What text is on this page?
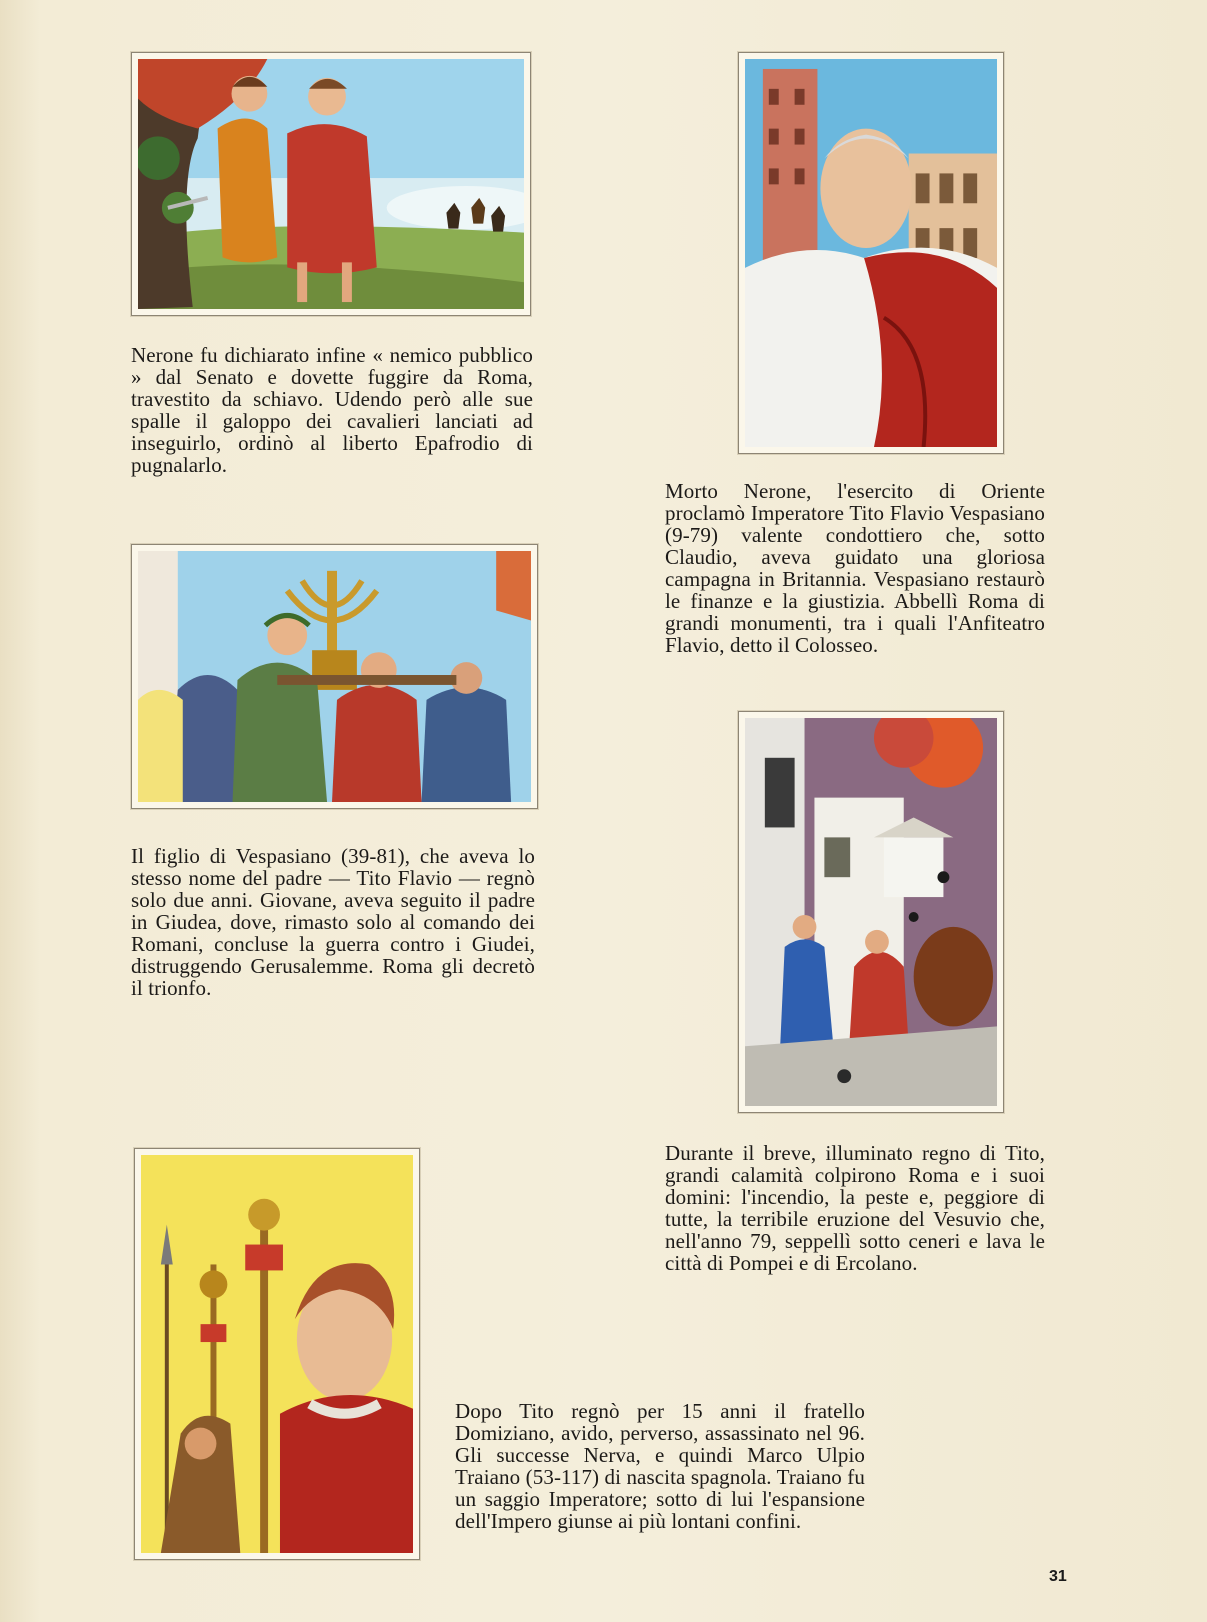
Nerone fu dichiarato infine « nemico pubblico » dal Senato e dovette fuggire da Roma, travestito da schiavo. Udendo però alle sue spalle il galoppo dei cavalieri lanciati ad inseguirlo, ordinò al liberto Epafrodio di pugnalarlo.

Morto Nerone, l'esercito di Oriente proclamò Imperatore Tito Flavio Vespasiano (9-79) valente condottiero che, sotto Claudio, aveva guidato una gloriosa campagna in Britannia. Vespasiano restaurò le finanze e la giustizia. Abbellì Roma di grandi monumenti, tra i quali l'Anfiteatro Flavio, detto il Colosseo.

Il figlio di Vespasiano (39-81), che aveva lo stesso nome del padre — Tito Flavio — regnò solo due anni. Giovane, aveva seguito il padre in Giudea, dove, rimasto solo al comando dei Romani, concluse la guerra contro i Giudei, distruggendo Gerusalemme. Roma gli decretò il trionfo.

Durante il breve, illuminato regno di Tito, grandi calamità colpirono Roma e i suoi domini: l'incendio, la peste e, peggiore di tutte, la terribile eruzione del Vesuvio che, nell'anno 79, seppellì sotto ceneri e lava le città di Pompei e di Ercolano.

Dopo Tito regnò per 15 anni il fratello Domiziano, avido, perverso, assassinato nel 96. Gli successe Nerva, e quindi Marco Ulpio Traiano (53-117) di nascita spagnola. Traiano fu un saggio Imperatore; sotto di lui l'espansione dell'Impero giunse ai più lontani confini.

31
